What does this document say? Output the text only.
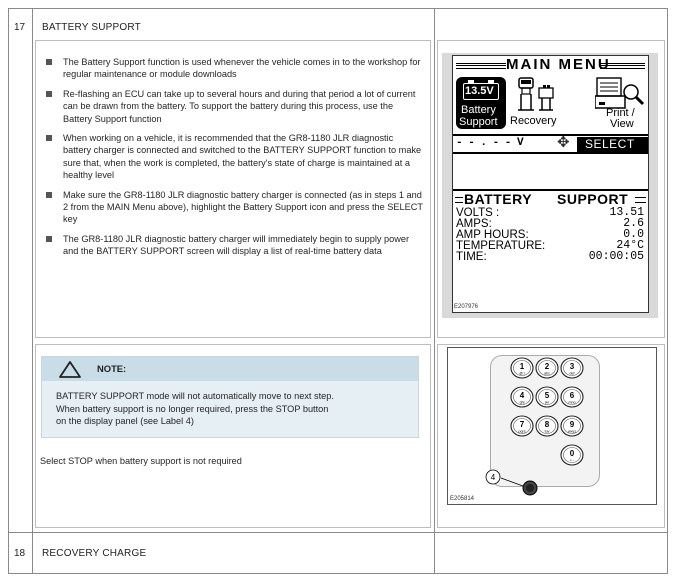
17 BATTERY SUPPORT
The Battery Support function is used whenever the vehicle comes in to the workshop for regular maintenance or module downloads
Re-flashing an ECU can take up to several hours and during that period a lot of current can be drawn from the battery. To support the battery during this process, use the Battery Support function
When working on a vehicle, it is recommended that the GR8-1180 JLR diagnostic battery charger is connected and switched to the BATTERY SUPPORT function to make sure that, when the work is completed, the battery's state of charge is maintained at a healthy level
Make sure the GR8-1180 JLR diagnostic battery charger is connected (as in steps 1 and 2 from the MAIN Menu above), highlight the Battery Support icon and press the SELECT key
The GR8-1180 JLR diagnostic battery charger will immediately begin to supply power and the BATTERY SUPPORT screen will display a list of real-time battery data
NOTE:
BATTERY SUPPORT mode will not automatically move to next step.
When battery support is no longer required, press the STOP button
on the display panel (see Label 4)
Select STOP when battery support is not required
MAIN MENU
13.5V
Battery
Support Recovery
Print /
View
- - . - - V ✥ SELECT
BATTERY SUPPORT
VOLTS :	13.51
AMPS:	2.6
AMP HOURS:	0.0
TEMPERATURE:	24°C
TIME:	00:00:05
E207976
1
@:/
2
abc
3
def
4
ghi
5
jkl
6
mno
7
pqrs
8
tuv
9
wxyz
0
+ -
4
E205814
18 RECOVERY CHARGE
